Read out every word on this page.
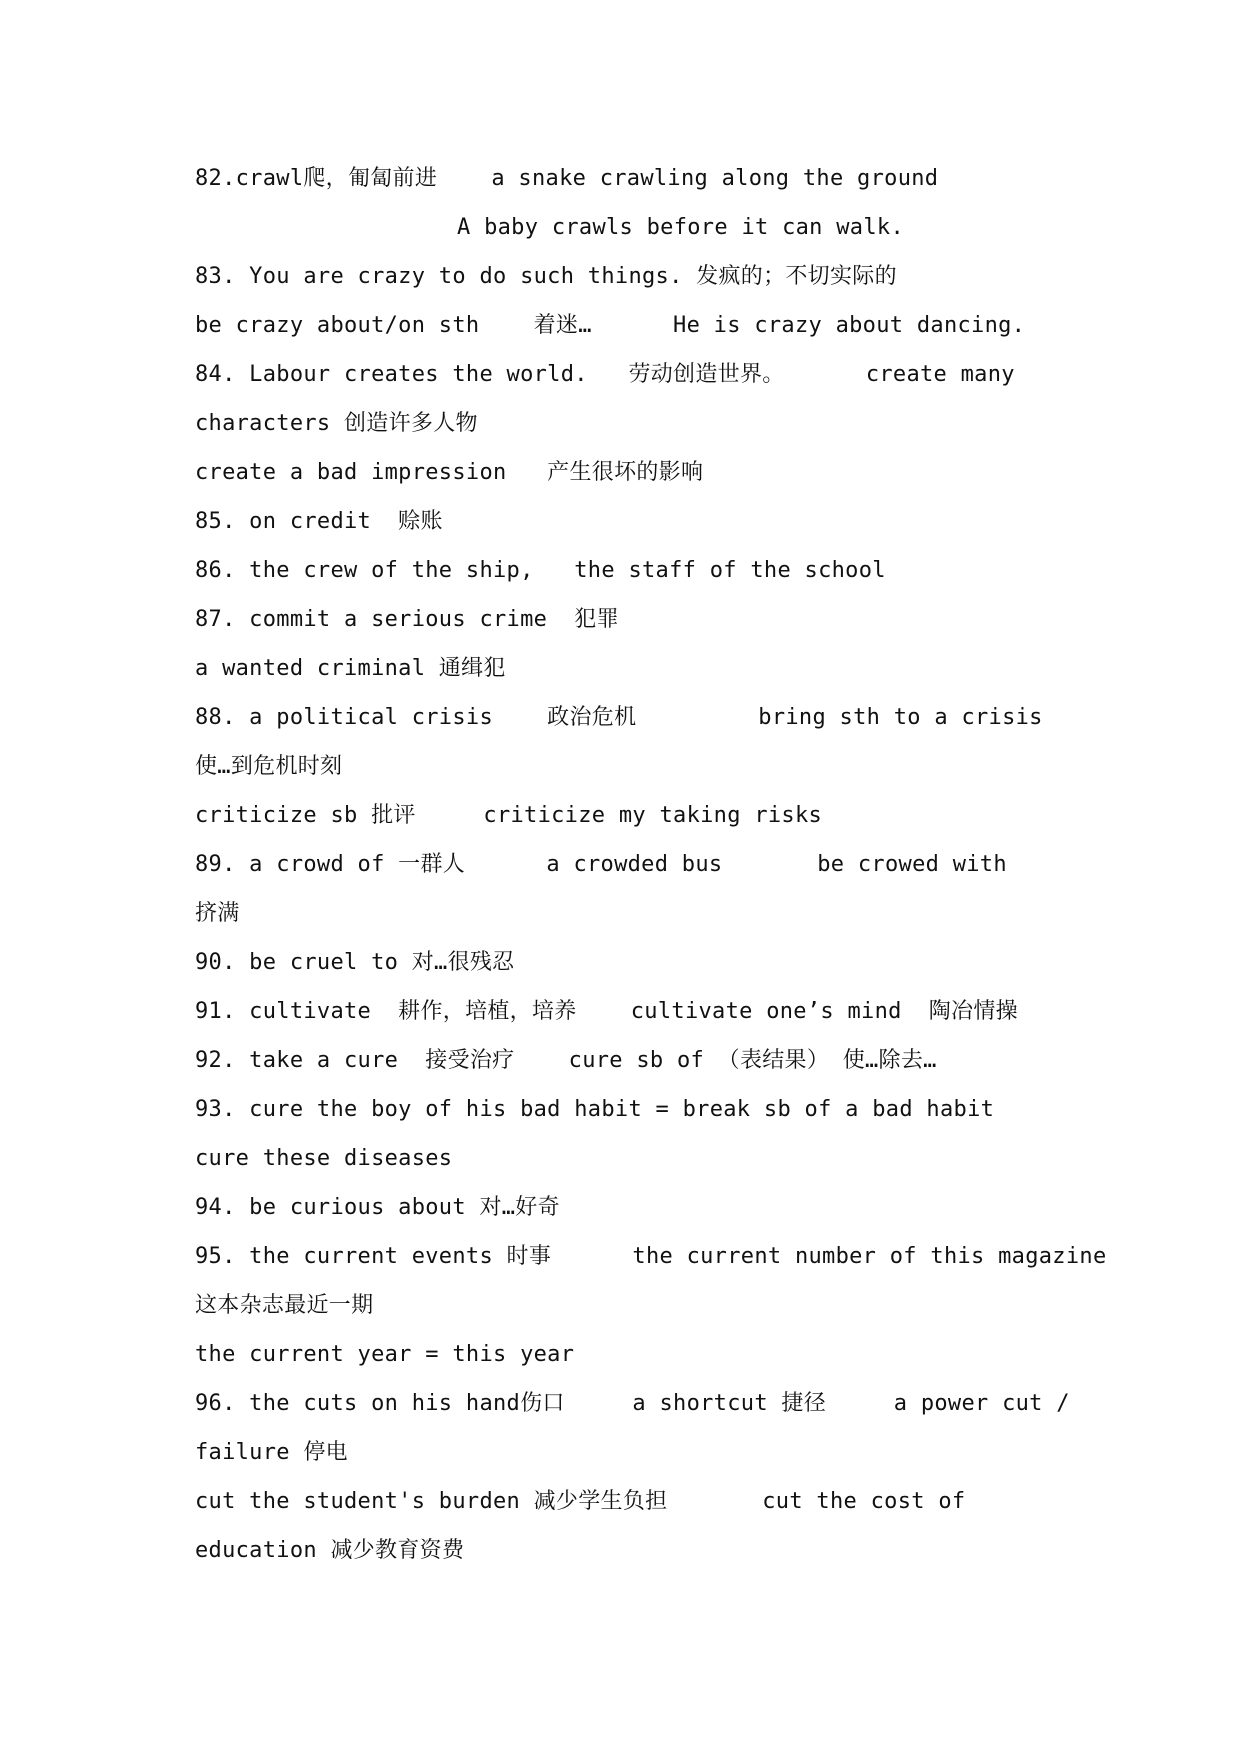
82.crawl爬，匍匐前进    a snake crawling along the ground
A baby crawls before it can walk.
83. You are crazy to do such things. 发疯的；不切实际的
be crazy about/on sth    着迷…      He is crazy about dancing.
84. Labour creates the world.   劳动创造世界。      create many
characters 创造许多人物
create a bad impression   产生很坏的影响
85. on credit  赊账
86. the crew of the ship,   the staff of the school
87. commit a serious crime  犯罪
a wanted criminal 通缉犯
88. a political crisis    政治危机         bring sth to a crisis
使…到危机时刻
criticize sb 批评     criticize my taking risks
89. a crowd of 一群人      a crowded bus       be crowed with
挤满
90. be cruel to 对…很残忍
91. cultivate  耕作，培植，培养    cultivate one’s mind  陶冶情操
92. take a cure  接受治疗    cure sb of （表结果） 使…除去…
93. cure the boy of his bad habit = break sb of a bad habit
cure these diseases
94. be curious about 对…好奇
95. the current events 时事      the current number of this magazine
这本杂志最近一期
the current year = this year
96. the cuts on his hand伤口     a shortcut 捷径     a power cut /
failure 停电
cut the student's burden 减少学生负担       cut the cost of
education 减少教育资费
